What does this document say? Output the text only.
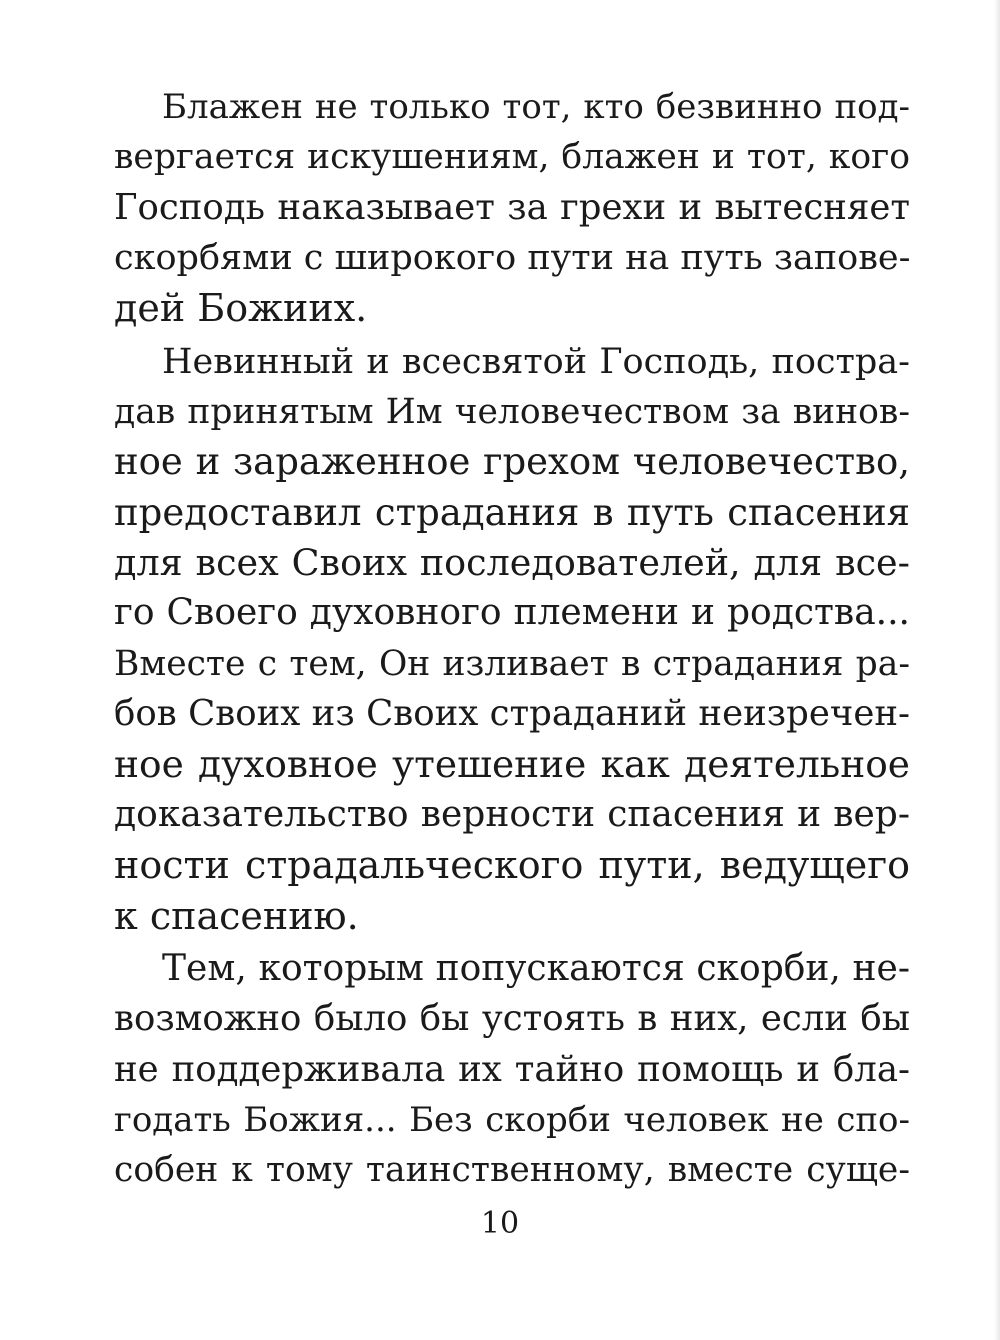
Блажен не только тот, кто безвинно под-
вергается искушениям, блажен и тот, кого
Господь наказывает за грехи и вытесняет
скорбями с широкого пути на путь запове-
дей Божиих.
Невинный и всесвятой Господь, постра-
дав принятым Им человечеством за винов-
ное и зараженное грехом человечество,
предоставил страдания в путь спасения
для всех Своих последователей, для все-
го Своего духовного племени и родства...
Вместе с тем, Он изливает в страдания ра-
бов Своих из Своих страданий неизречен-
ное духовное утешение как деятельное
доказательство верности спасения и вер-
ности страдальческого пути, ведущего
к спасению.
Тем, которым попускаются скорби, не-
возможно было бы устоять в них, если бы
не поддерживала их тайно помощь и бла-
годать Божия... Без скорби человек не спо-
собен к тому таинственному, вместе суще-
10
